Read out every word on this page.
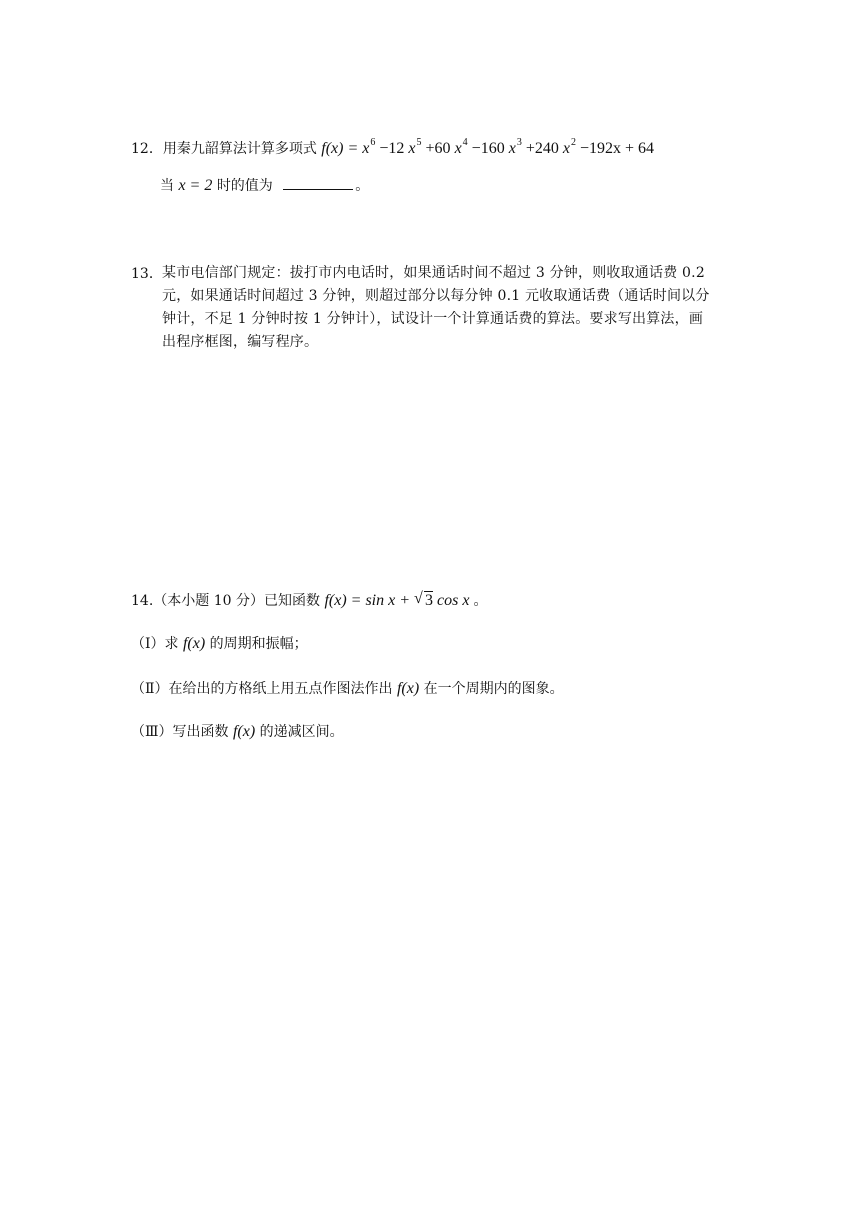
12．用秦九韶算法计算多项式 $f(x) = x^6 -12$ $x^5 +60$ $x^4 -160$ $x^3 +240$ $x^2 -192x + 64$
当 x = 2 时的值为	。
13． 某市电信部门规定：拔打市内电话时，如果通话时间不超过 3 分钟，则收取通话费 0.2
元，如果通话时间超过 3 分钟，则超过部分以每分钟 0.1 元收取通话费（通话时间以分
钟计，不足 1 分钟时按 1 分钟计），试设计一个计算通话费的算法。要求写出算法，画
出程序框图，编写程序。
14.（本小题 10 分）已知函数 f(x) = sin x + √ 3 cos x 。
（Ⅰ）求 f(x) 的周期和振幅；
（Ⅱ）在给出的方格纸上用五点作图法作出 f(x) 在一个周期内的图象。
（Ⅲ）写出函数 f(x) 的递减区间。
